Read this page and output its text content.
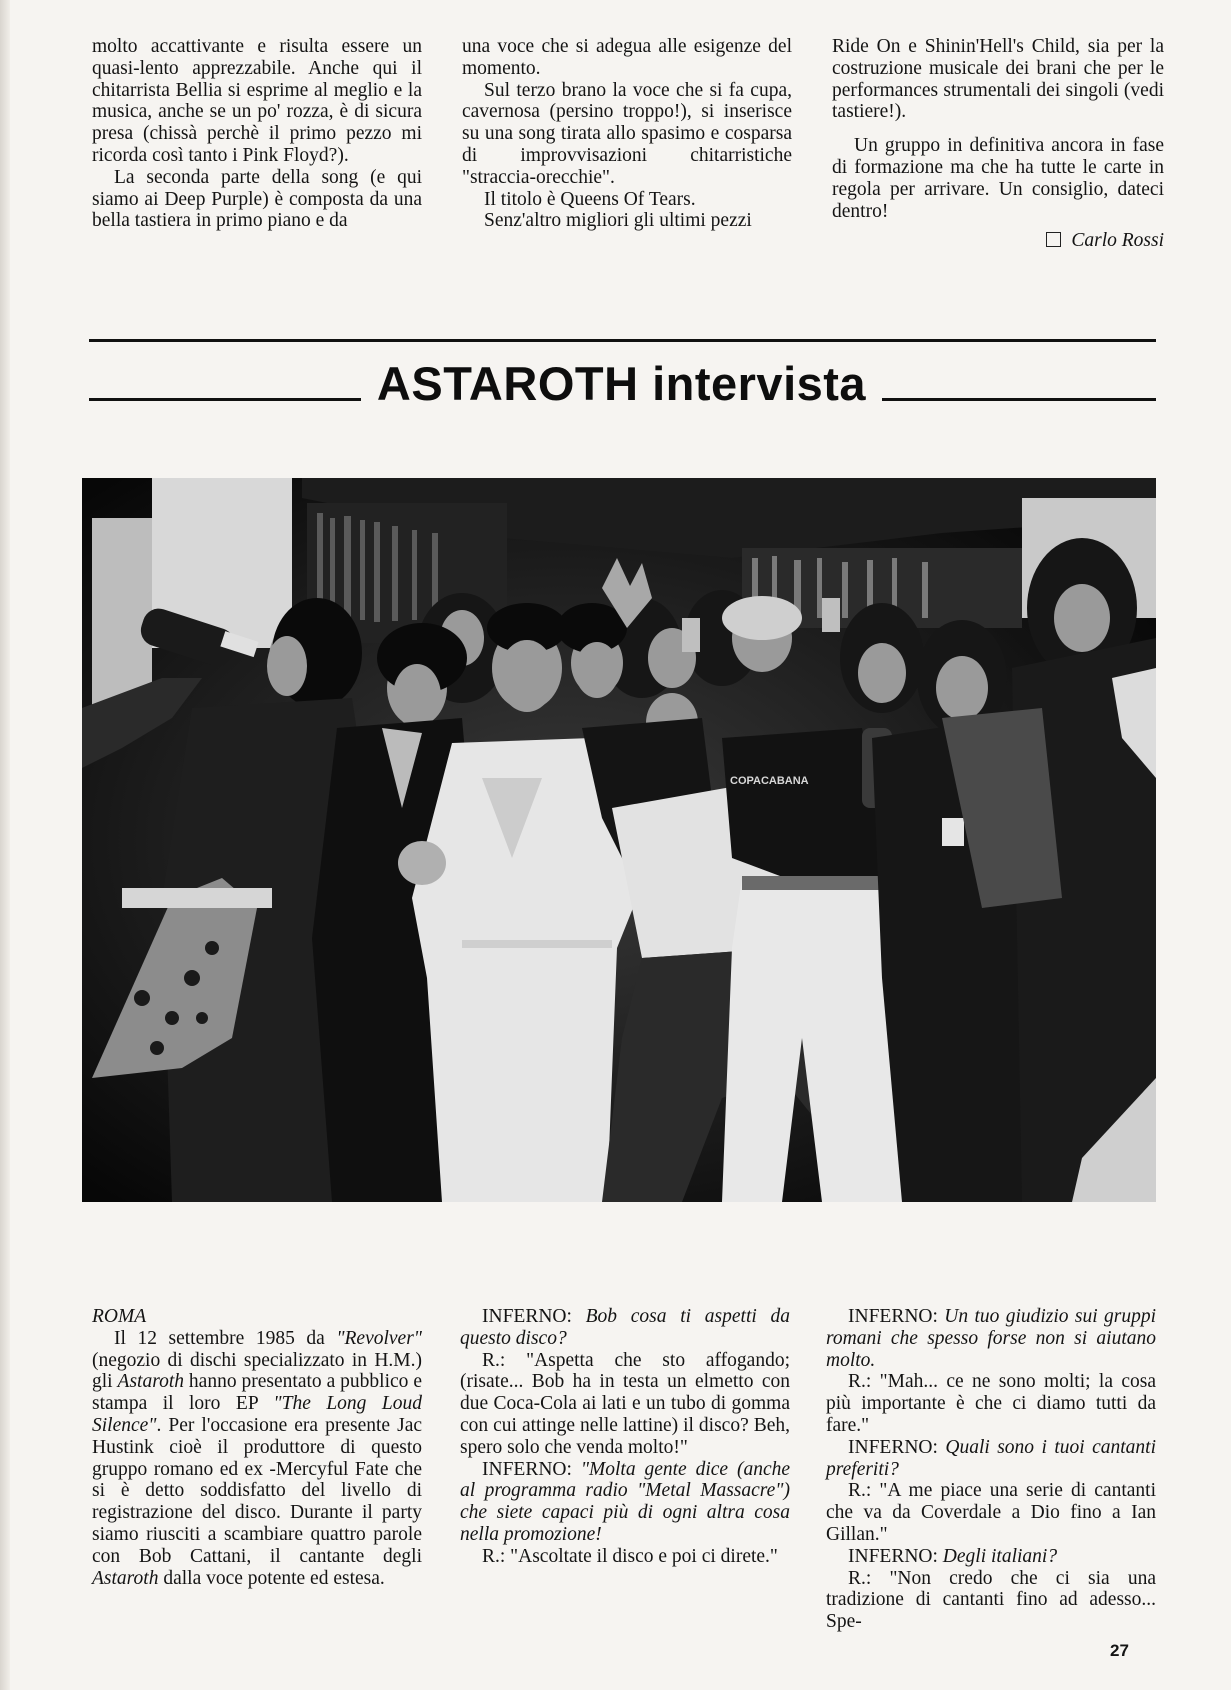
molto accattivante e risulta essere un quasi-lento apprezzabile. Anche qui il chitarrista Bellia si esprime al meglio e la musica, anche se un po' rozza, è di sicura presa (chissà perchè il primo pezzo mi ricorda così tanto i Pink Floyd?).

La seconda parte della song (e qui siamo ai Deep Purple) è composta da una bella tastiera in primo piano e da

una voce che si adegua alle esigenze del momento.

Sul terzo brano la voce che si fa cupa, cavernosa (persino troppo!), si inserisce su una song tirata allo spasimo e cosparsa di improvvisazioni chitarristiche "straccia-orecchie".

Il titolo è Queens Of Tears.

Senz'altro migliori gli ultimi pezzi

Ride On e Shinin'Hell's Child, sia per la costruzione musicale dei brani che per le performances strumentali dei singoli (vedi tastiere!).

Un gruppo in definitiva ancora in fase di formazione ma che ha tutte le carte in regola per arrivare. Un consiglio, dateci dentro!

Carlo Rossi

ASTAROTH intervista
COPACABANA

ROMA

Il 12 settembre 1985 da "Revolver" (negozio di dischi specializzato in H.M.) gli Astaroth hanno presentato a pubblico e stampa il loro EP "The Long Loud Silence". Per l'occasione era presente Jac Hustink cioè il produttore di questo gruppo romano ed ex -Mercyful Fate che si è detto soddisfatto del livello di registrazione del disco. Durante il party siamo riusciti a scambiare quattro parole con Bob Cattani, il cantante degli Astaroth dalla voce potente ed estesa.

INFERNO: Bob cosa ti aspetti da questo disco?

R.: "Aspetta che sto affogando; (risate... Bob ha in testa un elmetto con due Coca-Cola ai lati e un tubo di gomma con cui attinge nelle lattine) il disco? Beh, spero solo che venda molto!"

INFERNO: "Molta gente dice (anche al programma radio "Metal Massacre") che siete capaci più di ogni altra cosa nella promozione!

R.: "Ascoltate il disco e poi ci direte."

INFERNO: Un tuo giudizio sui gruppi romani che spesso forse non si aiutano molto.

R.: "Mah... ce ne sono molti; la cosa più importante è che ci diamo tutti da fare."

INFERNO: Quali sono i tuoi cantanti preferiti?

R.: "A me piace una serie di cantanti che va da Coverdale a Dio fino a Ian Gillan."

INFERNO: Degli italiani?

R.: "Non credo che ci sia una tradizione di cantanti fino ad adesso... Spe-

27
